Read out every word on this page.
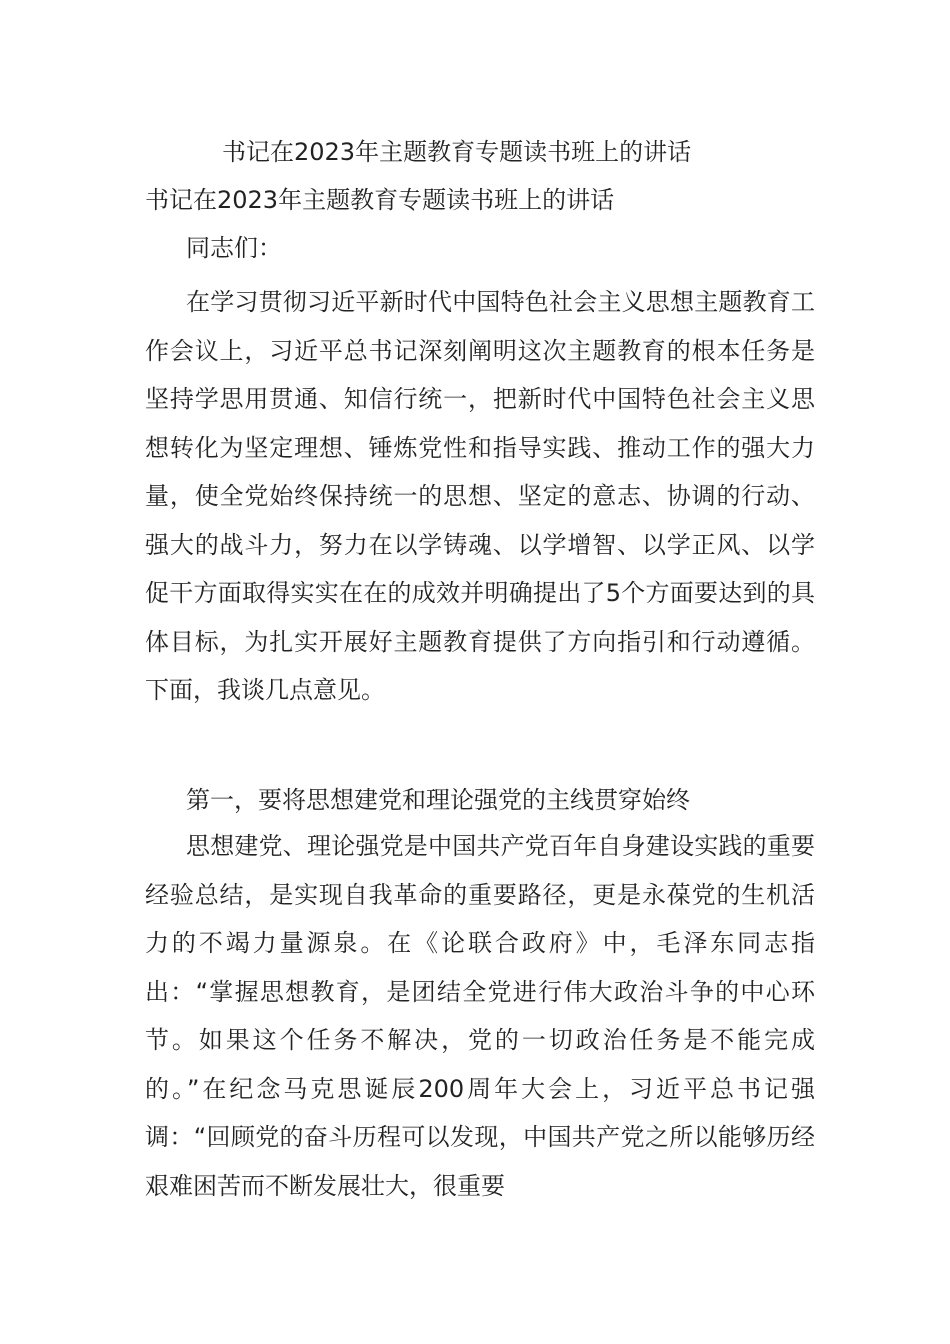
书记在2023年主题教育专题读书班上的讲话
书记在2023年主题教育专题读书班上的讲话
同志们：

在学习贯彻习近平新时代中国特色社会主义思想主题教育工作会议上，习近平总书记深刻阐明这次主题教育的根本任务是坚持学思用贯通、知信行统一，把新时代中国特色社会主义思想转化为坚定理想、锤炼党性和指导实践、推动工作的强大力量，使全党始终保持统一的思想、坚定的意志、协调的行动、强大的战斗力，努力在以学铸魂、以学增智、以学正风、以学促干方面取得实实在在的成效并明确提出了5个方面要达到的具体目标，为扎实开展好主题教育提供了方向指引和行动遵循。下面，我谈几点意见。

第一，要将思想建党和理论强党的主线贯穿始终

思想建党、理论强党是中国共产党百年自身建设实践的重要经验总结，是实现自我革命的重要路径，更是永葆党的生机活力的不竭力量源泉。在《论联合政府》中，毛泽东同志指出：“掌握思想教育，是团结全党进行伟大政治斗争的中心环节。如果这个任务不解决，党的一切政治任务是不能完成的。”在纪念马克思诞辰200周年大会上，习近平总书记强调：“回顾党的奋斗历程可以发现，中国共产党之所以能够历经艰难困苦而不断发展壮大，很重要
